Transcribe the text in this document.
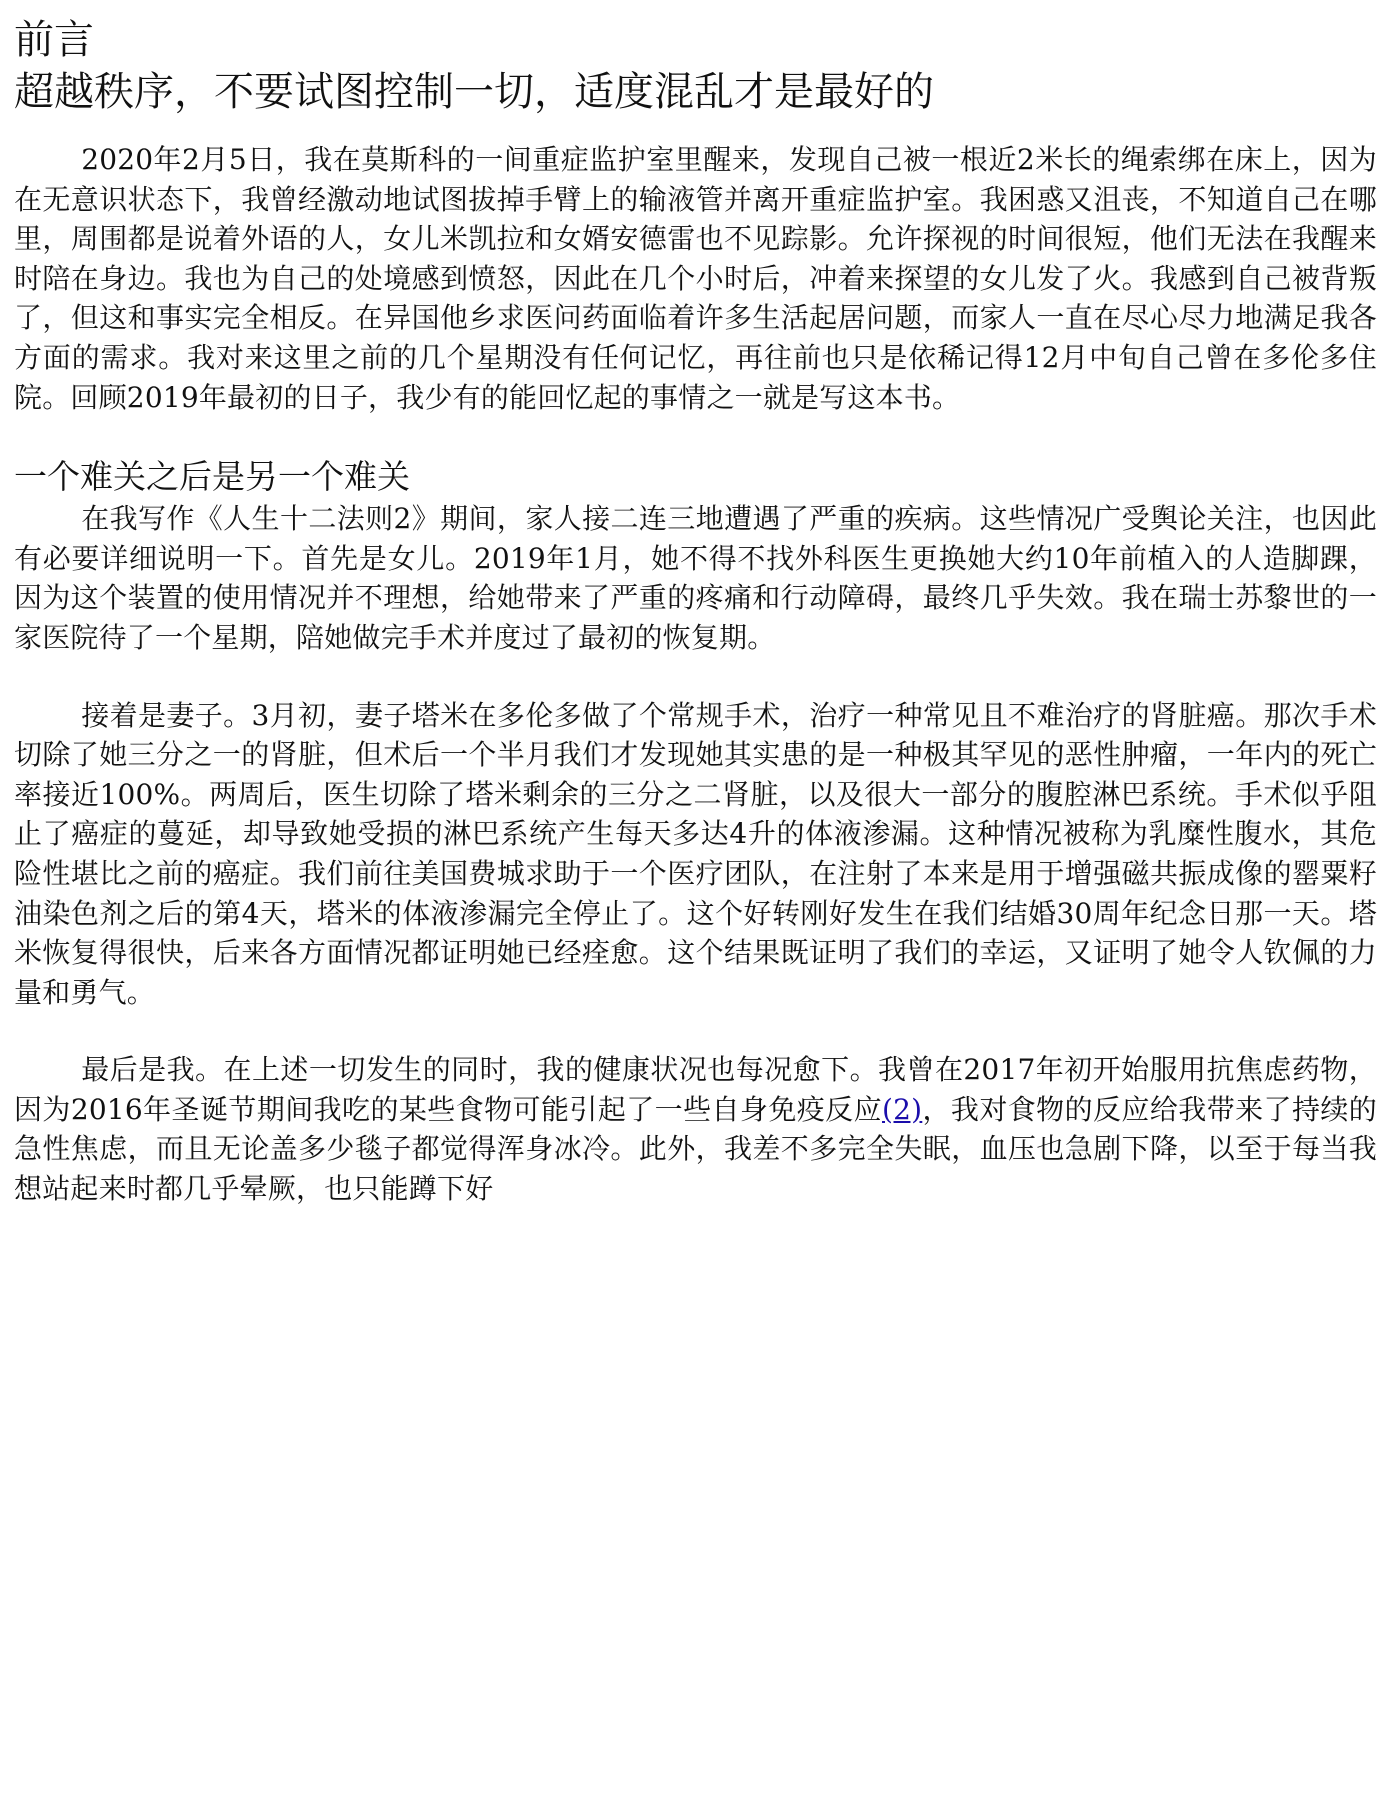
前言
超越秩序，不要试图控制一切，适度混乱才是最好的

2020年2月5日，我在莫斯科的一间重症监护室里醒来，发现自己被一根近2米长的绳索绑在床上，因为在无意识状态下，我曾经激动地试图拔掉手臂上的输液管并离开重症监护室。我困惑又沮丧，不知道自己在哪里，周围都是说着外语的人，女儿米凯拉和女婿安德雷也不见踪影。允许探视的时间很短，他们无法在我醒来时陪在身边。我也为自己的处境感到愤怒，因此在几个小时后，冲着来探望的女儿发了火。我感到自己被背叛了，但这和事实完全相反。在异国他乡求医问药面临着许多生活起居问题，而家人一直在尽心尽力地满足我各方面的需求。我对来这里之前的几个星期没有任何记忆，再往前也只是依稀记得12月中旬自己曾在多伦多住院。回顾2019年最初的日子，我少有的能回忆起的事情之一就是写这本书。

一个难关之后是另一个难关

在我写作《人生十二法则2》期间，家人接二连三地遭遇了严重的疾病。这些情况广受舆论关注，也因此有必要详细说明一下。首先是女儿。2019年1月，她不得不找外科医生更换她大约10年前植入的人造脚踝，因为这个装置的使用情况并不理想，给她带来了严重的疼痛和行动障碍，最终几乎失效。我在瑞士苏黎世的一家医院待了一个星期，陪她做完手术并度过了最初的恢复期。

接着是妻子。3月初，妻子塔米在多伦多做了个常规手术，治疗一种常见且不难治疗的肾脏癌。那次手术切除了她三分之一的肾脏，但术后一个半月我们才发现她其实患的是一种极其罕见的恶性肿瘤，一年内的死亡率接近100%。两周后，医生切除了塔米剩余的三分之二肾脏，以及很大一部分的腹腔淋巴系统。手术似乎阻止了癌症的蔓延，却导致她受损的淋巴系统产生每天多达4升的体液渗漏。这种情况被称为乳糜性腹水，其危险性堪比之前的癌症。我们前往美国费城求助于一个医疗团队，在注射了本来是用于增强磁共振成像的罂粟籽油染色剂之后的第4天，塔米的体液渗漏完全停止了。这个好转刚好发生在我们结婚30周年纪念日那一天。塔米恢复得很快，后来各方面情况都证明她已经痊愈。这个结果既证明了我们的幸运，又证明了她令人钦佩的力量和勇气。

最后是我。在上述一切发生的同时，我的健康状况也每况愈下。我曾在2017年初开始服用抗焦虑药物，因为2016年圣诞节期间我吃的某些食物可能引起了一些自身免疫反应(2)，我对食物的反应给我带来了持续的急性焦虑，而且无论盖多少毯子都觉得浑身冰冷。此外，我差不多完全失眠，血压也急剧下降，以至于每当我想站起来时都几乎晕厥，也只能蹲下好
